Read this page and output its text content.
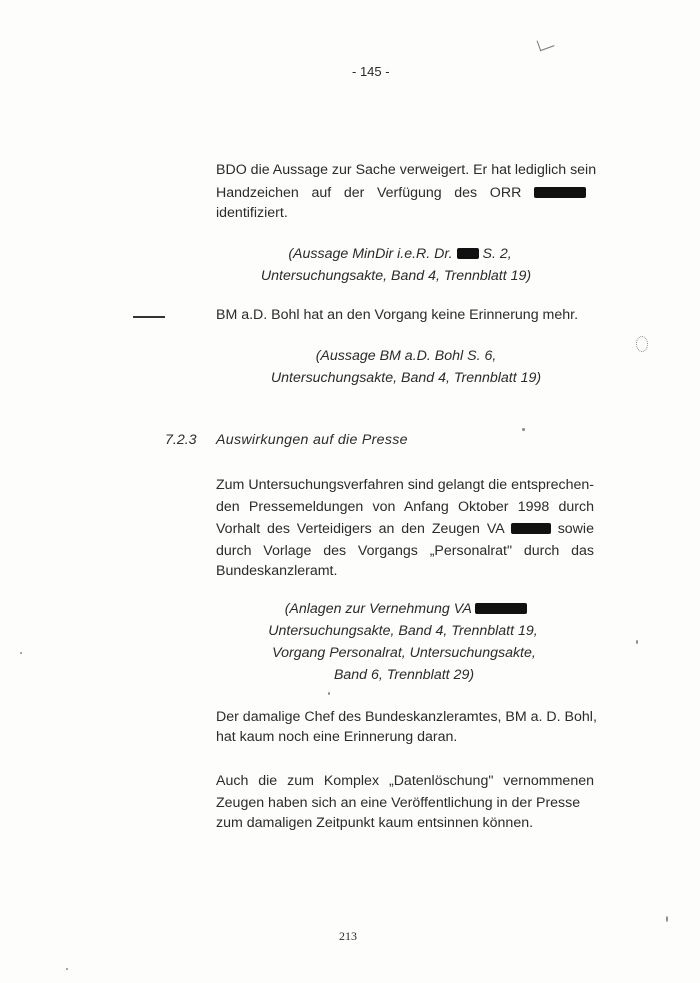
- 145 -
BDO die Aussage zur Sache verweigert. Er hat lediglich sein
Handzeichen auf der Verfügung des ORR
identifiziert.
(Aussage MinDir i.e.R. Dr. S. 2,
Untersuchungsakte, Band 4, Trennblatt 19)
BM a.D. Bohl hat an den Vorgang keine Erinnerung mehr.
(Aussage BM a.D. Bohl S. 6,
Untersuchungsakte, Band 4, Trennblatt 19)
7.2.3 Auswirkungen auf die Presse
Zum Untersuchungsverfahren sind gelangt die entsprechen-
den Pressemeldungen von Anfang Oktober 1998 durch
Vorhalt des Verteidigers an den Zeugen VA	sowie
durch Vorlage des Vorgangs „Personalrat" durch das
Bundeskanzleramt.
(Anlagen zur Vernehmung VA
Untersuchungsakte, Band 4, Trennblatt 19,
Vorgang Personalrat, Untersuchungsakte,
Band 6, Trennblatt 29)
Der damalige Chef des Bundeskanzleramtes, BM a. D. Bohl,
hat kaum noch eine Erinnerung daran.
Auch die zum Komplex „Datenlöschung" vernommenen
Zeugen haben sich an eine Veröffentlichung in der Presse
zum damaligen Zeitpunkt kaum entsinnen können.
213
